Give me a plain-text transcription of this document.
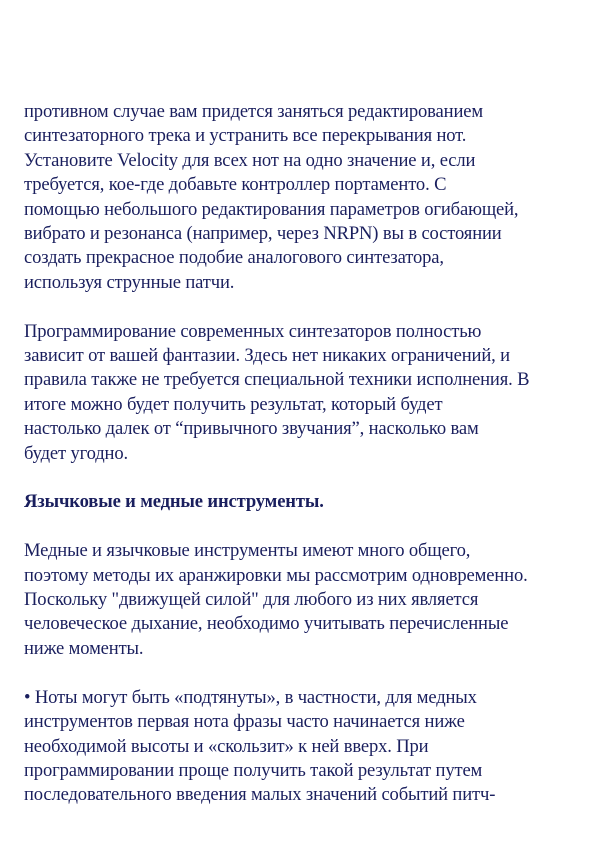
противном случае вам придется заняться редактированием
синтезаторного трека и устранить все перекрывания нот.
Установите Velocity для всех нот на одно значение и, если
требуется, кое-где добавьте контроллер портаменто. С
помощью небольшого редактирования параметров огибающей,
вибрато и резонанса (например, через NRPN) вы в состоянии
создать прекрасное подобие аналогового синтезатора,
используя струнные патчи.

Программирование современных синтезаторов полностью
зависит от вашей фантазии. Здесь нет никаких ограничений, и
правила также не требуется специальной техники исполнения. В
итоге можно будет получить результат, который будет
настолько далек от “привычного звучания”, насколько вам
будет угодно.

Язычковые и медные инструменты.

Медные и язычковые инструменты имеют много общего,
поэтому методы их аранжировки мы рассмотрим одновременно.
Поскольку "движущей силой" для любого из них является
человеческое дыхание, необходимо учитывать перечисленные
ниже моменты.

• Ноты могут быть «подтянуты», в частности, для медных
инструментов первая нота фразы часто начинается ниже
необходимой высоты и «скользит» к ней вверх. При
программировании проще получить такой результат путем
последовательного введения малых значений событий питч-
